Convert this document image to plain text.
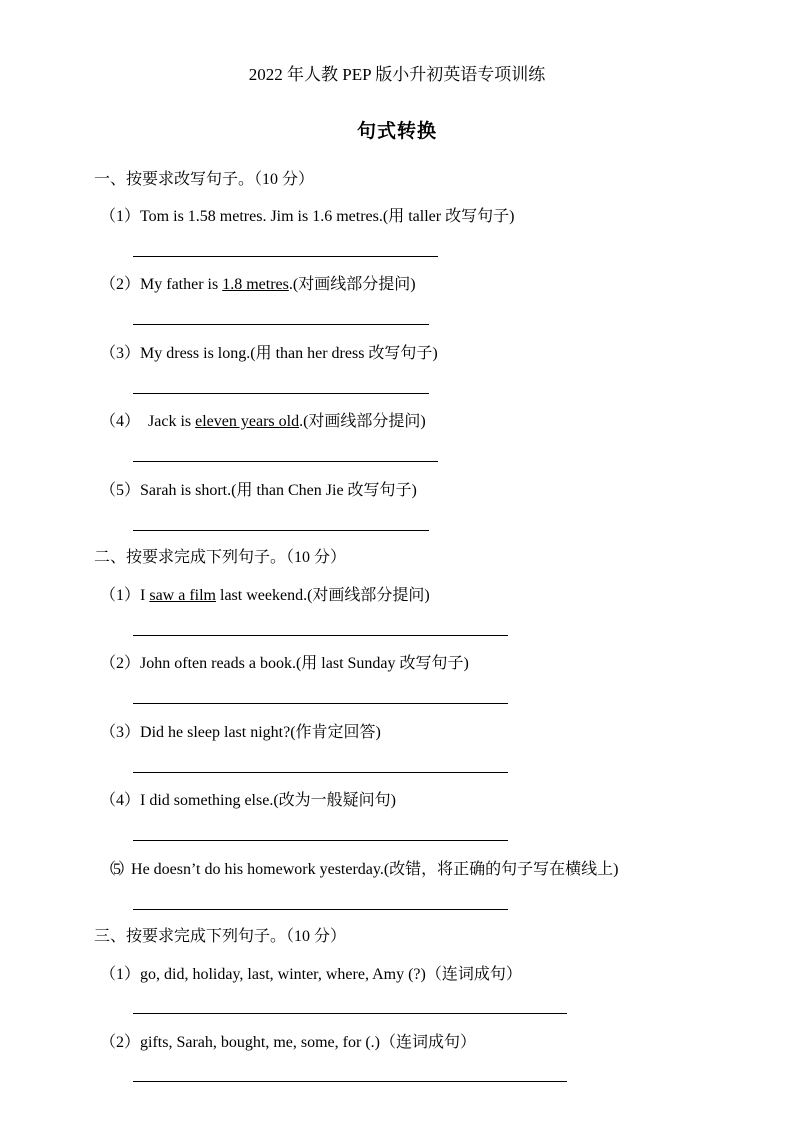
2022 年人教 PEP 版小升初英语专项训练
句式转换
一、按要求改写句子。（10 分）
（1）Tom is 1.58 metres. Jim is 1.6 metres.(用 taller 改写句子)
（2）My father is 1.8 metres.(对画线部分提问)
（3）My dress is long.(用 than her dress 改写句子)
（4）  Jack is eleven years old.(对画线部分提问)
（5）Sarah is short.(用 than Chen Jie 改写句子)
二、按要求完成下列句子。（10 分）
（1）I saw a film last weekend.(对画线部分提问)
（2）John often reads a book.(用 last Sunday 改写句子)
（3）Did he sleep last night?(作肯定回答)
（4）I did something else.(改为一般疑问句)
（5）He doesn’t do his homework yesterday.(改错，将正确的句子写在横线上)
三、按要求完成下列句子。（10 分）
（1）go, did, holiday, last, winter, where, Amy (?)（连词成句）
（2）gifts, Sarah, bought, me, some, for (.)（连词成句）
